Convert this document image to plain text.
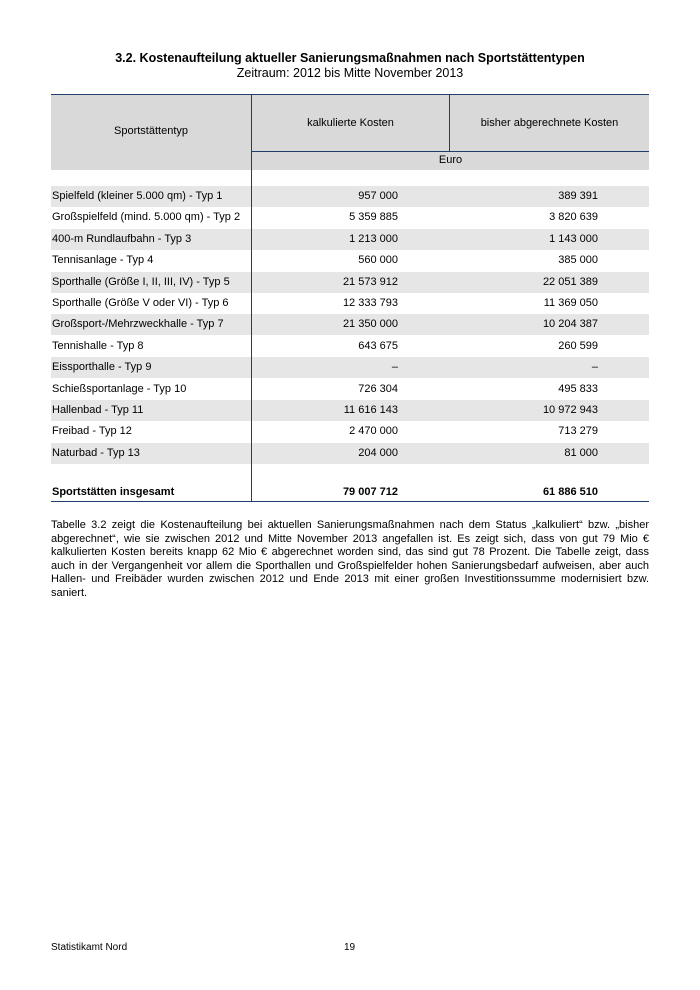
3.2. Kostenaufteilung aktueller Sanierungsmaßnahmen nach Sportstättentypen
Zeitraum: 2012 bis Mitte November 2013
Sportstättentyp
kalkulierte Kosten	bisher abgerechnete Kosten
Euro
Spielfeld (kleiner 5.000 qm) - Typ 1	957 000	389 391
Großspielfeld (mind. 5.000 qm) - Typ 2	5 359 885	3 820 639
400-m Rundlaufbahn - Typ 3	1 213 000	1 143 000
Tennisanlage - Typ 4	560 000	385 000
Sporthalle (Größe I, II, III, IV) - Typ 5	21 573 912	22 051 389
Sporthalle (Größe V oder VI) - Typ 6	12 333 793	11 369 050
Großsport-/Mehrzweckhalle - Typ 7	21 350 000	10 204 387
Tennishalle - Typ 8	643 675	260 599
Eissporthalle - Typ 9	–	–
Schießsportanlage - Typ 10	726 304	495 833
Hallenbad - Typ 11	11 616 143	10 972 943
Freibad - Typ 12	2 470 000	713 279
Naturbad - Typ 13	204 000	81 000
Sportstätten insgesamt	79 007 712	61 886 510
Tabelle 3.2 zeigt die Kostenaufteilung bei aktuellen Sanierungsmaßnahmen nach dem Status „kalkuliert“ bzw. „bisher abgerechnet“, wie sie zwischen 2012 und Mitte November 2013 angefallen ist. Es zeigt sich, dass von gut 79 Mio € kalkulierten Kosten bereits knapp 62 Mio € abgerechnet worden sind, das sind gut 78 Prozent. Die Tabelle zeigt, dass auch in der Vergangenheit vor allem die Sporthallen und Großspielfelder hohen Sanierungsbedarf aufweisen, aber auch Hallen- und Freibäder wurden zwischen 2012 und Ende 2013 mit einer großen Investitionssumme modernisiert bzw. saniert.
Statistikamt Nord	19
